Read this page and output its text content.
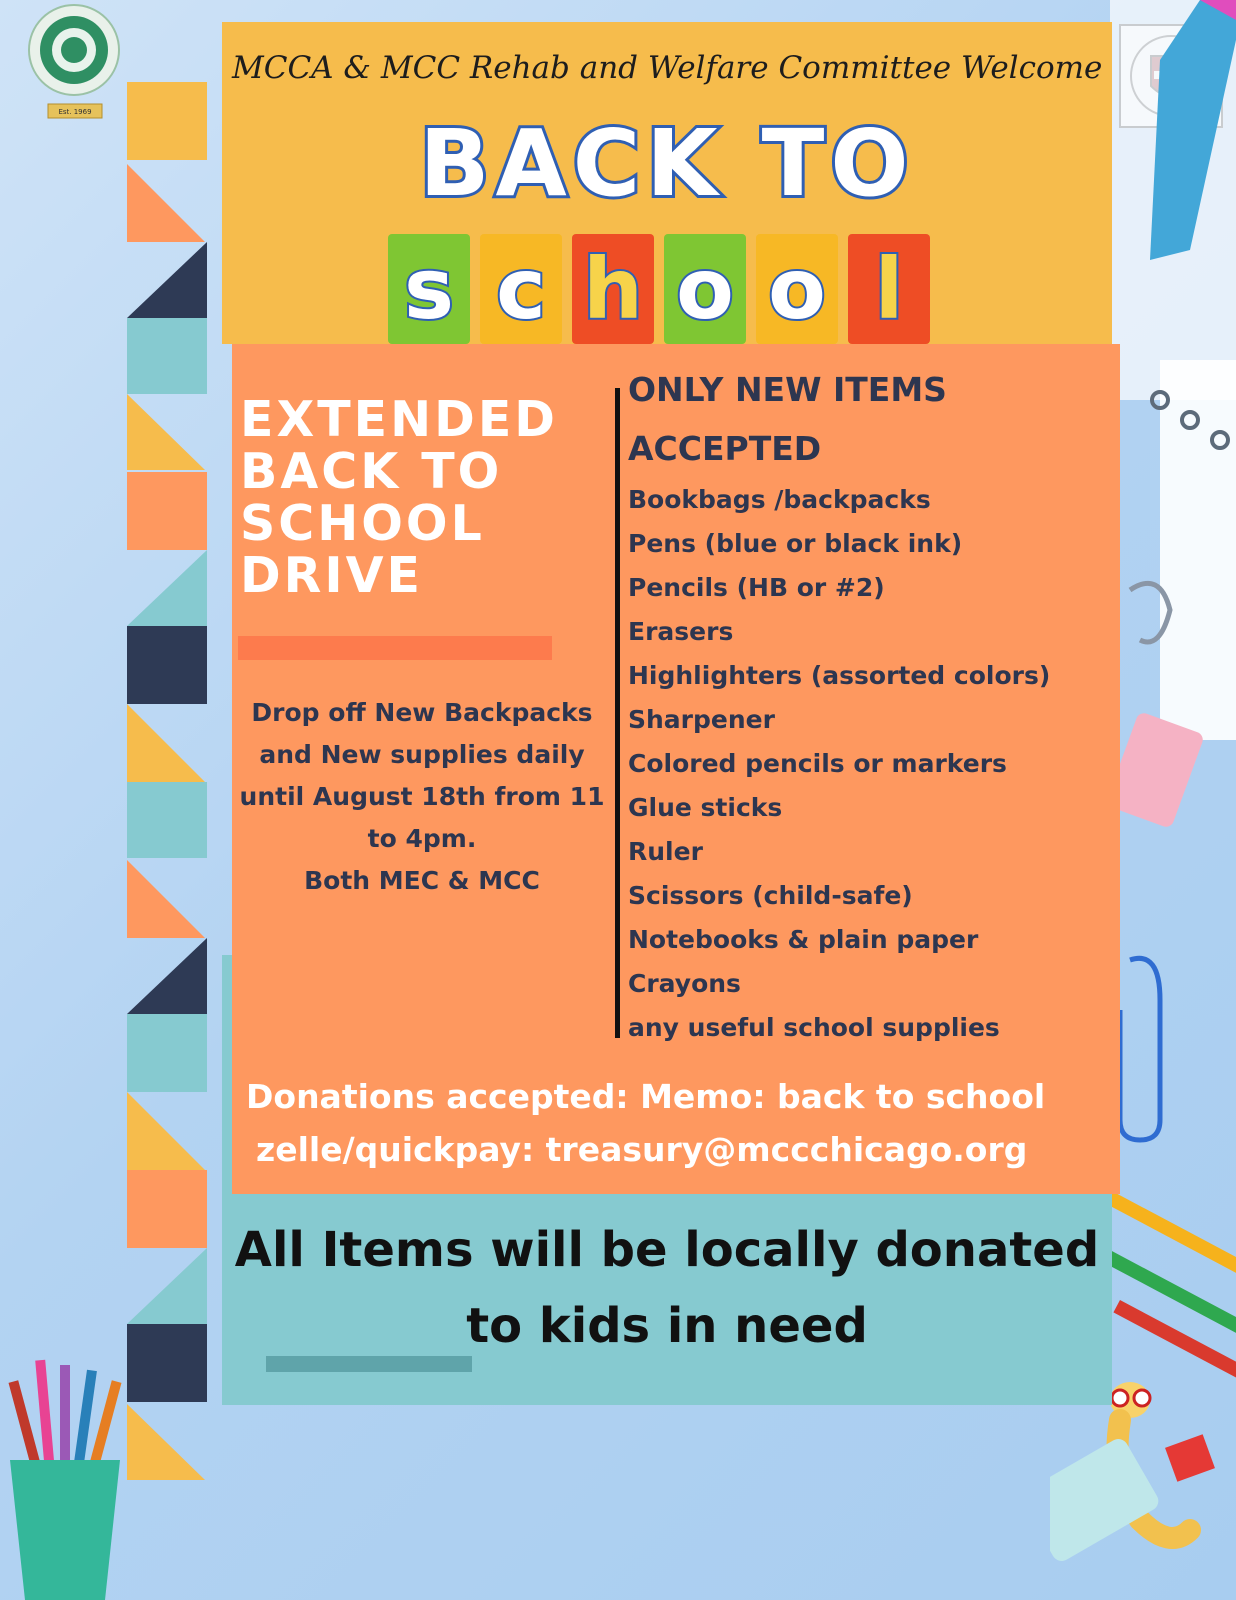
Est. 1969
MCCA & MCC Rehab and Welfare Committee Welcome
BACK TO
s c h o o l
EXTENDED
BACK TO
SCHOOL
DRIVE
Drop off New Backpacks
and New supplies daily
until August 18th from 11
to 4pm.
Both MEC & MCC
ONLY NEW ITEMS
ACCEPTED
Bookbags /backpacks
Pens (blue or black ink)
Pencils (HB or #2)
Erasers
Highlighters (assorted colors)
Sharpener
Colored pencils or markers
Glue sticks
Ruler
Scissors (child-safe)
Notebooks & plain paper
Crayons
any useful school supplies
Donations accepted: Memo: back to school
zelle/quickpay: treasury@mccchicago.org
All Items will be locally donated
to kids in need
